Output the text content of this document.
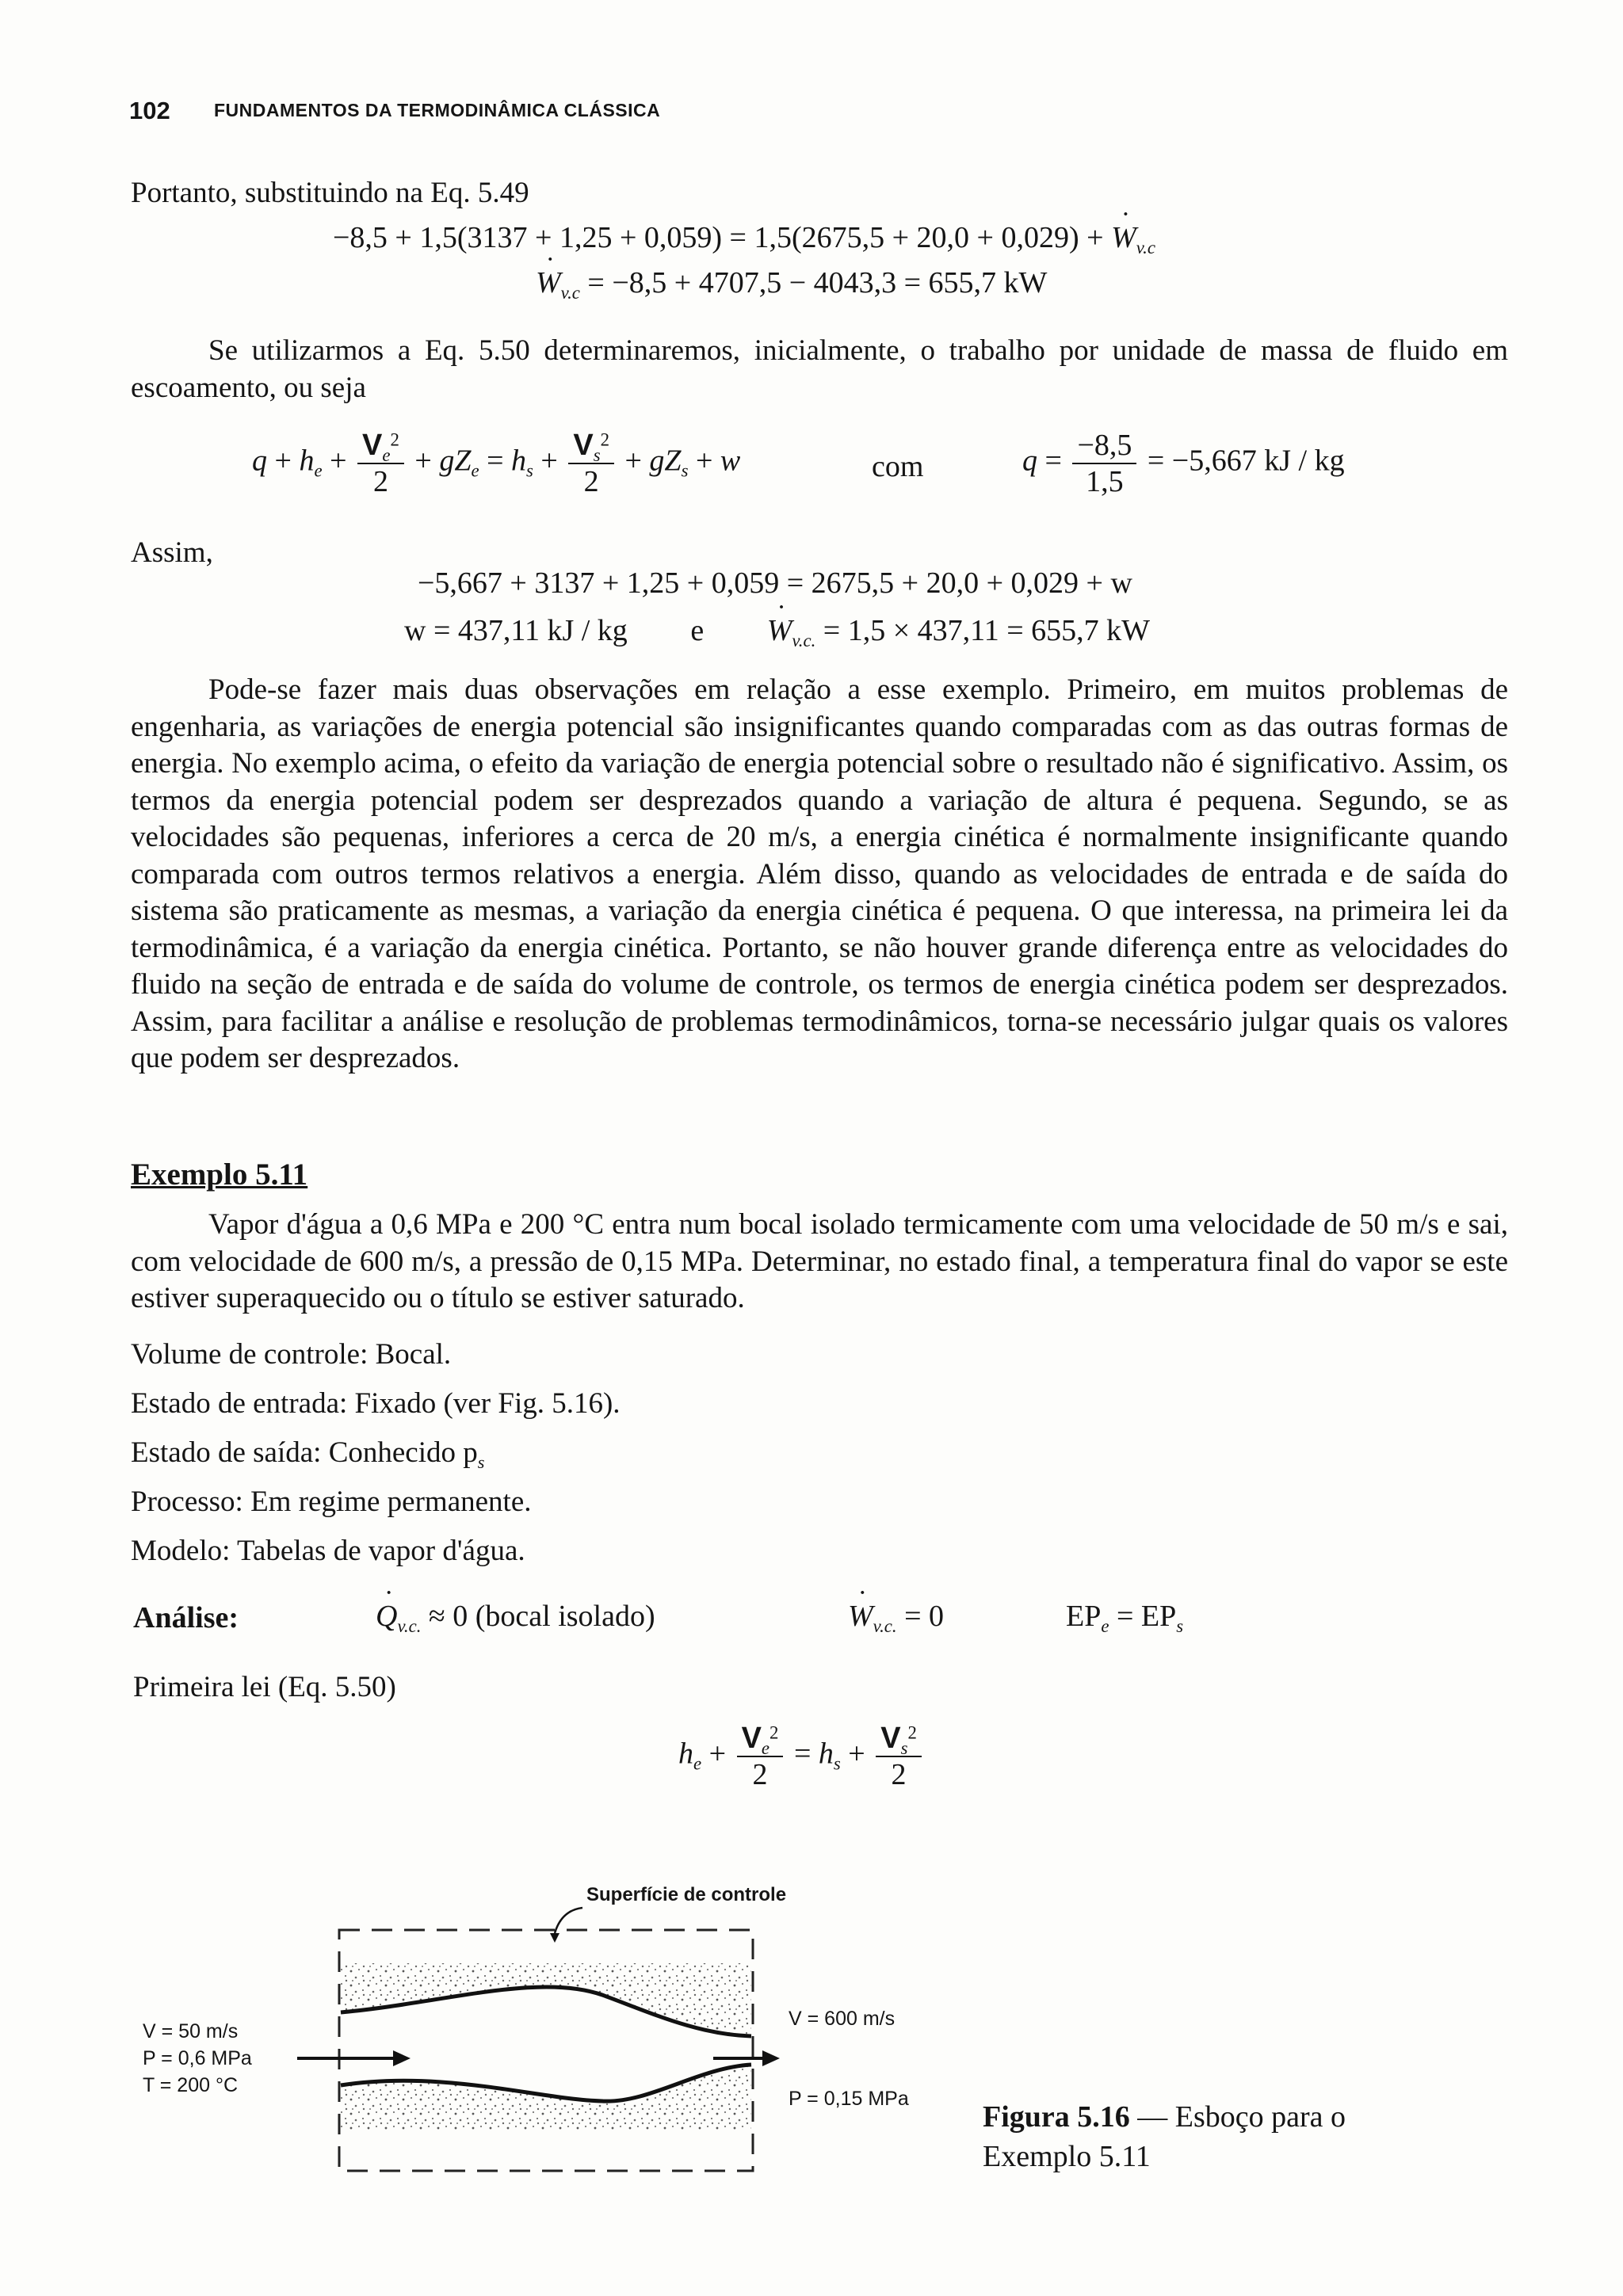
102 FUNDAMENTOS DA TERMODINÂMICA CLÁSSICA
Portanto, substituindo na Eq. 5.49
−8,5 + 1,5(3137 + 1,25 + 0,059) = 1,5(2675,5 + 20,0 + 0,029) + · $W_{v.c}$
· $W_{v.c} = -8,5 + 4707,5 - 4043,3 = 655,7$ kW
Se utilizarmos a Eq. 5.50 determinaremos, inicialmente, o trabalho por unidade de massa de fluido em escoamento, ou seja
$q + h_e + \frac{V_e^2}{2} + gZ_e = h_s + \frac{V_s^2}{2} + gZ_s + w$	com	$q = \frac{-8,5}{1,5} = -5,667$ kJ / kg
Assim,
−5,667 + 3137 + 1,25 + 0,059 = 2675,5 + 20,0 + 0,029 + w
w = 437,11 kJ / kg $e \cdot W_{v.c.} = 1,5 \times 437,11 = 655,7$ kW
Pode-se fazer mais duas observações em relação a esse exemplo. Primeiro, em muitos problemas de engenharia, as variações de energia potencial são insignificantes quando comparadas com as das outras formas de energia. No exemplo acima, o efeito da variação de energia potencial sobre o resultado não é significativo. Assim, os termos da energia potencial podem ser desprezados quando a variação de altura é pequena. Segundo, se as velocidades são pequenas, inferiores a cerca de 20 m/s, a energia cinética é normalmente insignificante quando comparada com outros termos relativos a energia. Além disso, quando as velocidades de entrada e de saída do sistema são praticamente as mesmas, a variação da energia cinética é pequena. O que interessa, na primeira lei da termodinâmica, é a variação da energia cinética. Portanto, se não houver grande diferença entre as velocidades do fluido na seção de entrada e de saída do volume de controle, os termos de energia cinética podem ser desprezados. Assim, para facilitar a análise e resolução de problemas termodinâmicos, torna-se necessário julgar quais os valores que podem ser desprezados.
Exemplo 5.11
Vapor d'água a 0,6 MPa e 200 °C entra num bocal isolado termicamente com uma velocidade de 50 m/s e sai, com velocidade de 600 m/s, a pressão de 0,15 MPa. Determinar, no estado final, a temperatura final do vapor se este estiver superaquecido ou o título se estiver saturado.
Volume de controle: Bocal.
Estado de entrada: Fixado (ver Fig. 5.16).
Estado de saída: Conhecido $p_s$
Processo: Em regime permanente.
Modelo: Tabelas de vapor d'água.
Análise:	· $Q_{v.c.} \approx 0$ (bocal isolado)	· $W_{v.c.} = 0$	$EP_e = EP_s$
Primeira lei (Eq. 5.50)
$h_e + \frac{V_e^2}{2} = h_s + \frac{V_s^2}{2}$
Superfície de controle
V = 50 m/s
P = 0,6 MPa
T = 200 °C
V = 600 m/s
P = 0,15 MPa
Figura 5.16 — Esboço para o
Exemplo 5.11
